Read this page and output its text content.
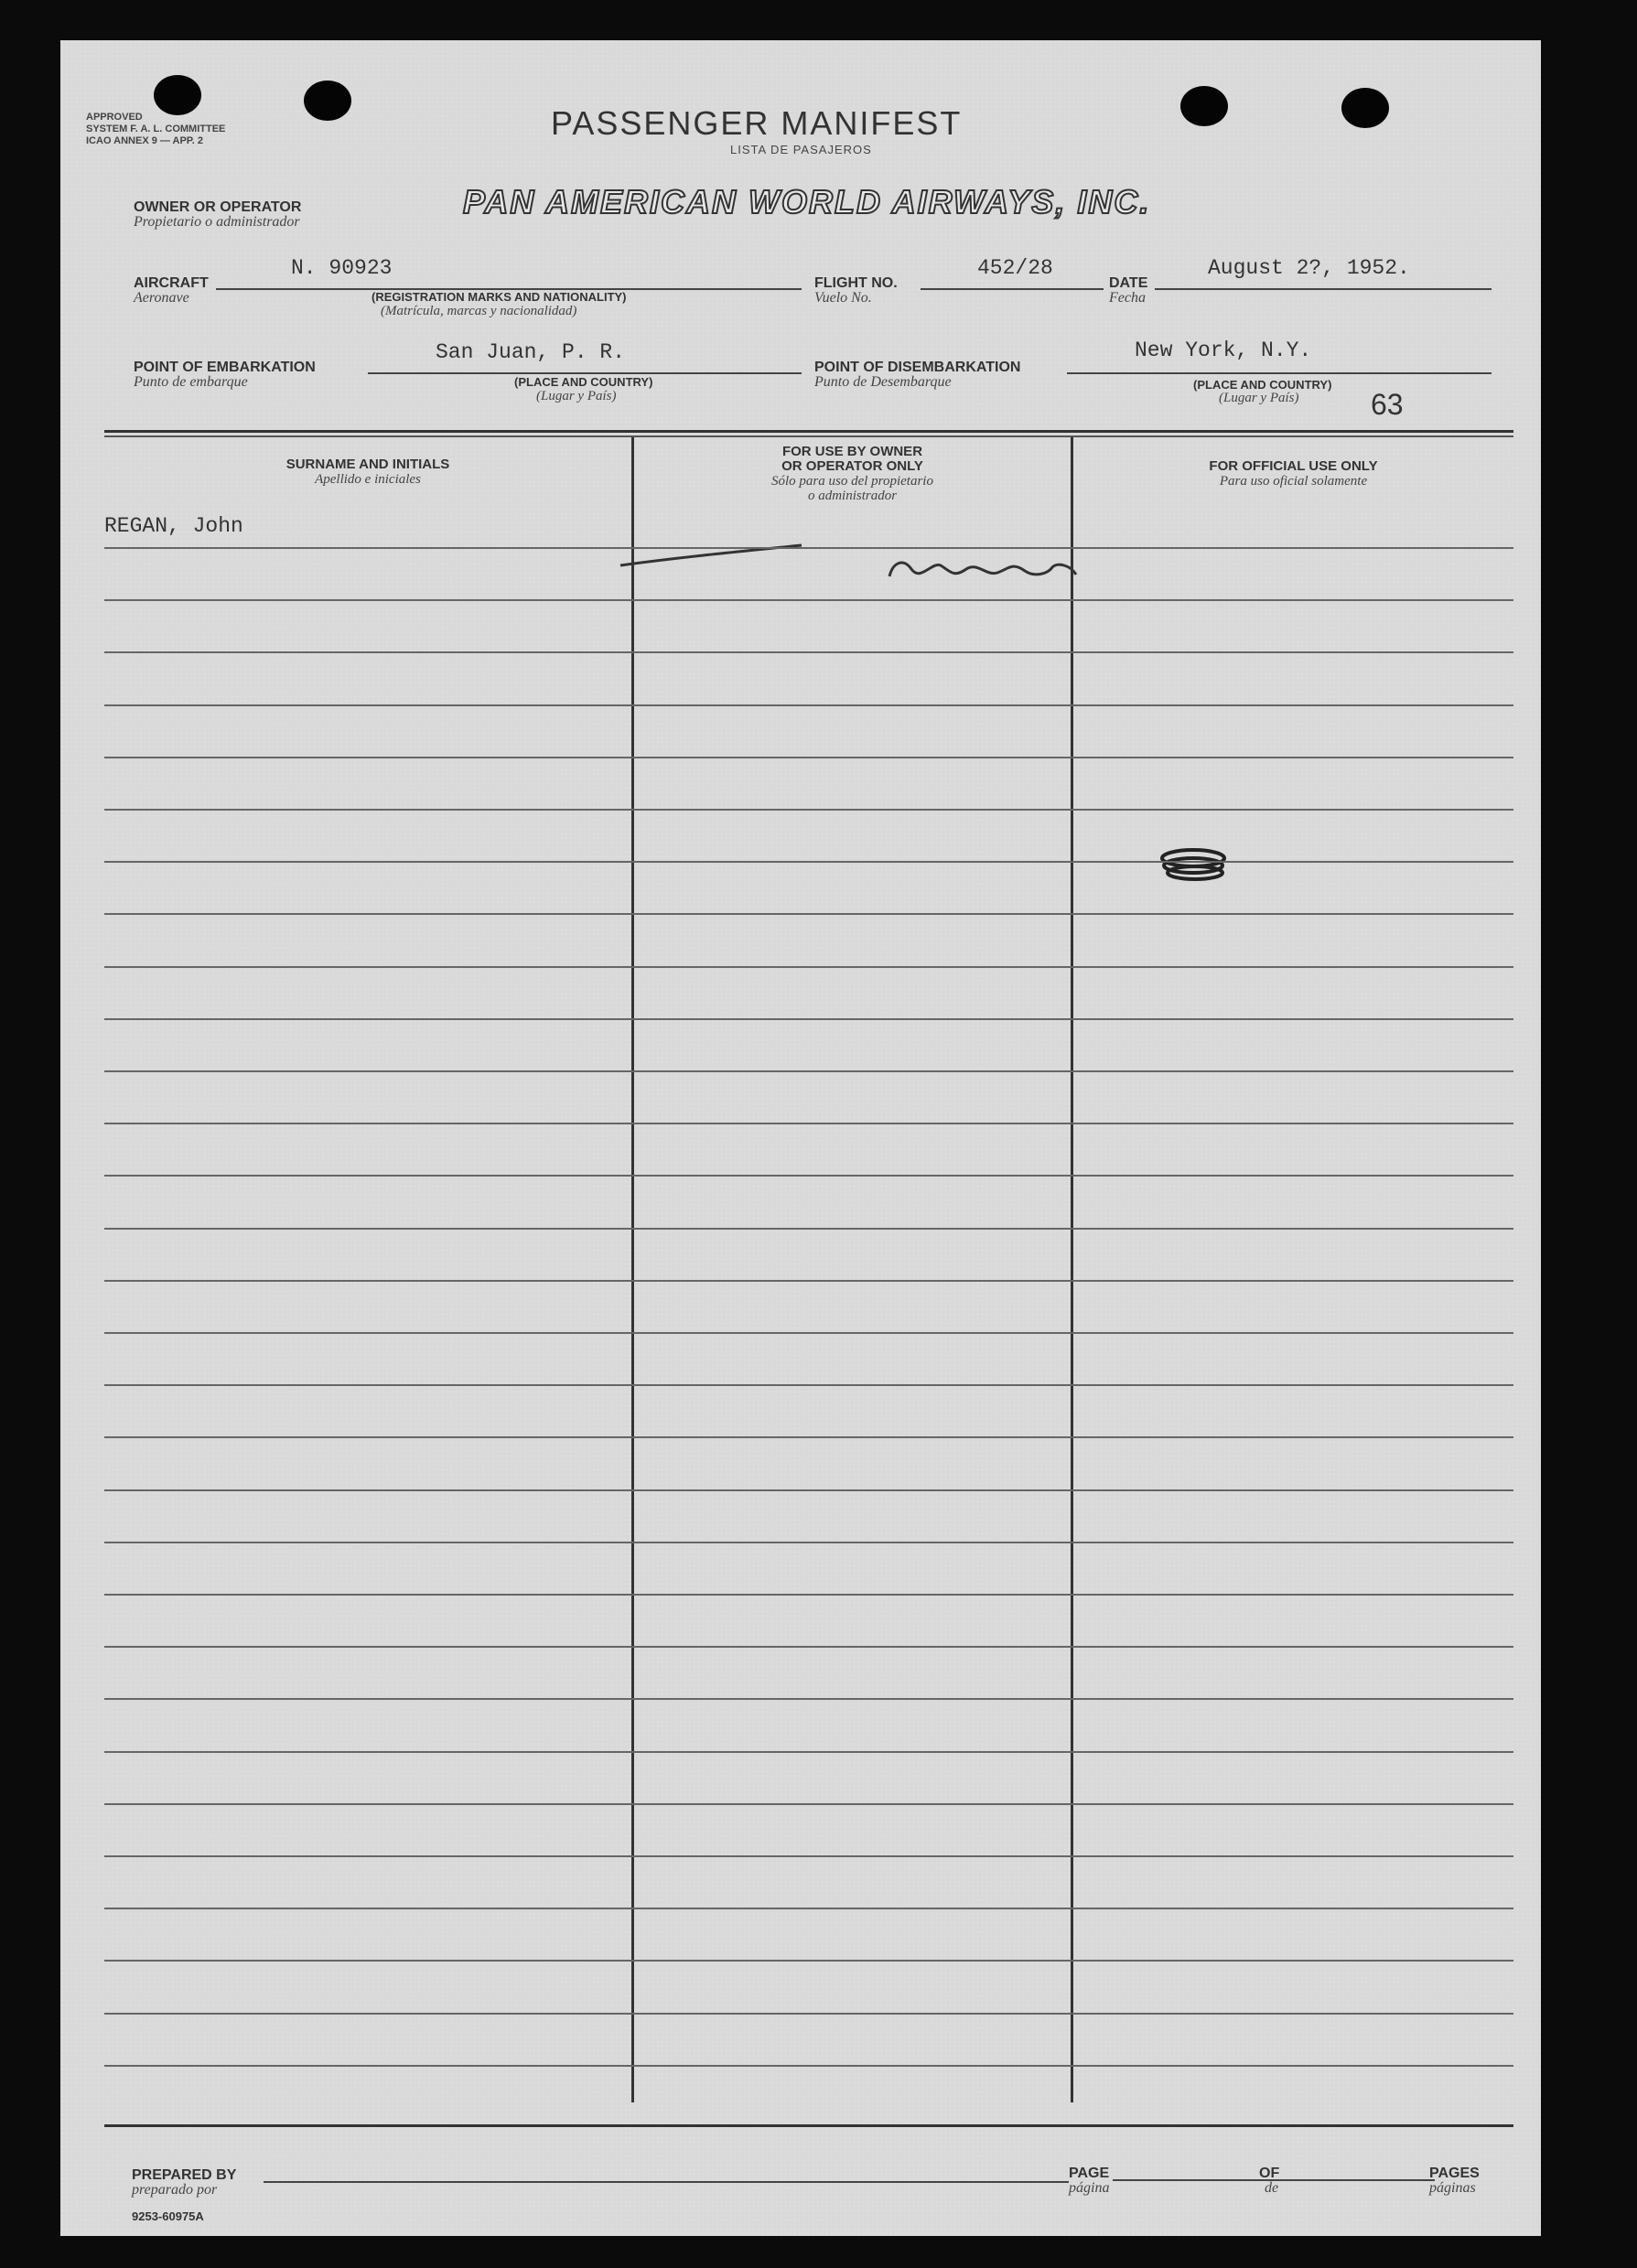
APPROVED
SYSTEM F. A. L. COMMITTEE
ICAO ANNEX 9 — APP. 2	PASSENGER MANIFEST
LISTA DE PASAJEROS
OWNER OR OPERATOR
Propietario o administrador
PAN AMERICAN WORLD AIRWAYS, INC.
AIRCRAFT
Aeronave
N. 90923
(REGISTRATION MARKS AND NATIONALITY)
(Matrícula, marcas y nacionalidad)
FLIGHT NO.
Vuelo No.
452/28
DATE
Fecha
August 2?, 1952.
POINT OF EMBARKATION
Punto de embarque
San Juan, P. R.
(PLACE AND COUNTRY)
(Lugar y País)
POINT OF DISEMBARKATION
Punto de Desembarque
New York, N.Y.
(PLACE AND COUNTRY)
(Lugar y País) 63
SURNAME AND INITIALS
Apellido e iniciales
FOR USE BY OWNER
OR OPERATOR ONLY
Sólo para uso del propietario
o administrador
FOR OFFICIAL USE ONLY
Para uso oficial solamente
REGAN, John
PREPARED BY
preparado por
PAGE
página
OF
de
PAGES
páginas
9253-60975A
